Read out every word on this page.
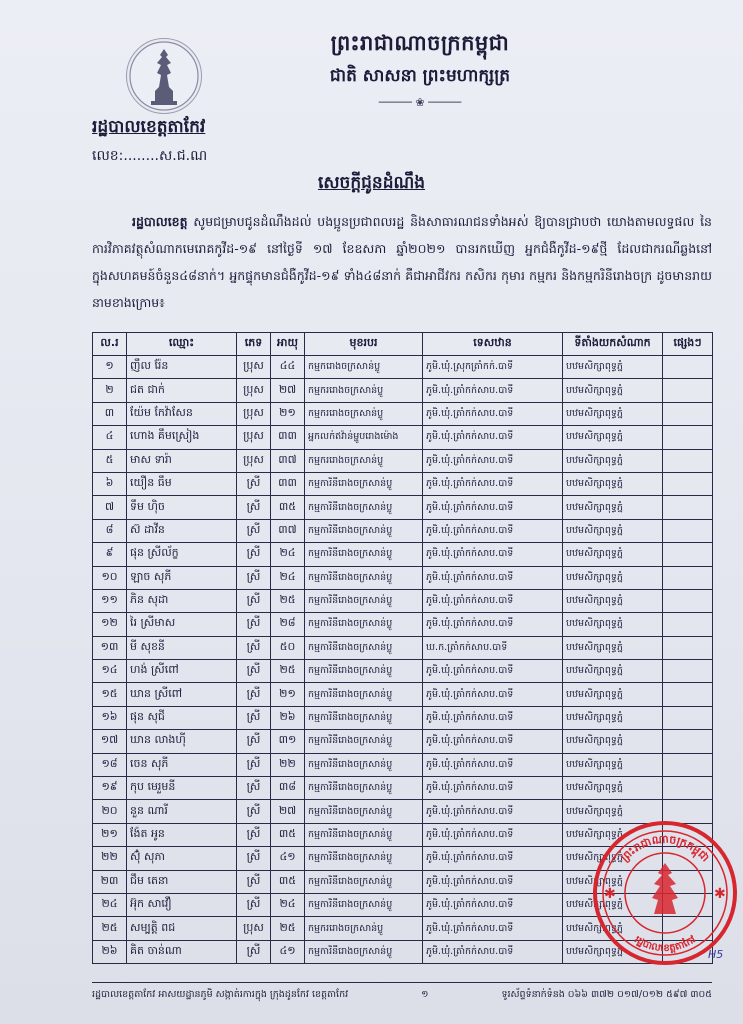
ព្រះរាជាណាចក្រកម្ពុជា
ជាតិ សាសនា ព្រះមហាក្សត្រ
───── ❀ ─────
រដ្ឋបាលខេត្តតាកែវ
លេខ:........ស.ជ.ណ
សេចក្តីជូនដំណឹង
រដ្ឋបាលខេត្ត សូមជម្រាបជូនដំណឹងដល់ បងប្អូនប្រជាពលរដ្ឋ និងសាធារណជនទាំងអស់ ឱ្យបានជ្រាបថា យោងតាមលទ្ធផល នៃការវិភាគវត្ថុសំណាកមេរោគកូវីដ-១៩ នៅថ្ងៃទី ១៧ ខែឧសភា ឆ្នាំ២០២១ បានរកឃើញ អ្នកជំងឺកូវីដ-១៩ថ្មី ដែលជាករណីឆ្លងនៅក្នុងសហគមន៍ចំនួន៤៨នាក់។ អ្នកផ្ទុកមានជំងឺកូវីដ-១៩ ទាំង៤៨នាក់ គឺជាអាជីវករ កសិករ កុមារ កម្មករ និងកម្មករិនីរោងចក្រ ដូចមានរាយនាមខាងក្រោម៖
ល.រ	ឈ្មោះ	ភេទ	អាយុ	មុខរបរ	ទេសឋាន	ទីតាំងយកសំណាក	ផ្សេងៗ
១	ញឹល រ៉ែន	ប្រុស	៤៤	កម្មករោងចក្រសាន់ប្លូ	ភូមិ.ឃុំ.ស្រុកត្រាំកក់.បាទី	បឋមសិក្សាពុទ្ធភ្នំ	
២	ជត ជាក់	ប្រុស	២៧	កម្មកររោងចក្រសាន់ប្លូ	ភូមិ.ឃុំ.ត្រាំកក់សាប.បាទី	បឋមសិក្សាពុទ្ធភ្នំ	
៣	យ៉ែម កែវ៉ាសែន	ប្រុស	២១	កម្មកររោងចក្រសាន់ប្លូ	ភូមិ.ឃុំ.ត្រាំកក់សាប.បាទី	បឋមសិក្សាពុទ្ធភ្នំ	
៤	ហោង គឹមស្រៀង	ប្រុស	៣៣	អ្នកលក់ឥវ៉ាន់ម្ហូបរោងម៉ោង	ភូមិ.ឃុំ.ត្រាំកក់សាប.បាទី	បឋមសិក្សាពុទ្ធភ្នំ	
៥	មាស ទារ៉ា	ប្រុស	៣៧	កម្មកររោងចក្រសាន់ប្លូ	ភូមិ.ឃុំ.ត្រាំកក់សាប.បាទី	បឋមសិក្សាពុទ្ធភ្នំ	
៦	យឿន ធឹម	ស្រី	៣៣	កម្មការិនីរោងចក្រសាន់ប្លូ	ភូមិ.ឃុំ.ត្រាំកក់សាប.បាទី	បឋមសិក្សាពុទ្ធភ្នំ	
៧	ទឹម ហុិច	ស្រី	៣៥	កម្មការិនីរោងចក្រសាន់ប្លូ	ភូមិ.ឃុំ.ត្រាំកក់សាប.បាទី	បឋមសិក្សាពុទ្ធភ្នំ	
៨	ស៊ ដាវីន	ស្រី	៣៧	កម្មការិនីរោងចក្រសាន់ប្លូ	ភូមិ.ឃុំ.ត្រាំកក់សាប.បាទី	បឋមសិក្សាពុទ្ធភ្នំ	
៩	ផុន ស្រីល័ក្ខ	ស្រី	២៤	កម្មការិនីរោងចក្រសាន់ប្លូ	ភូមិ.ឃុំ.ត្រាំកក់សាប.បាទី	បឋមសិក្សាពុទ្ធភ្នំ	
១០	ឡាច សុភី	ស្រី	២៤	កម្មការិនីរោងចក្រសាន់ប្លូ	ភូមិ.ឃុំ.ត្រាំកក់សាប.បាទី	បឋមសិក្សាពុទ្ធភ្នំ	
១១	ភិន សុដា	ស្រី	២៥	កម្មការិនីរោងចក្រសាន់ប្លូ	ភូមិ.ឃុំ.ត្រាំកក់សាប.បាទី	បឋមសិក្សាពុទ្ធភ្នំ	
១២	រៃ ស្រីមាស	ស្រី	២៨	កម្មការិនីរោងចក្រសាន់ប្លូ	ភូមិ.ឃុំ.ត្រាំកក់សាប.បាទី	បឋមសិក្សាពុទ្ធភ្នំ	
១៣	មី សុខនី	ស្រី	៥០	កម្មការិនីរោងចក្រសាន់ប្លូ	ឃ.ក.ត្រាំកក់សាប.បាទី	បឋមសិក្សាពុទ្ធភ្នំ	
១៤	ហង់ ស្រីពៅ	ស្រី	២៥	កម្មការិនីរោងចក្រសាន់ប្លូ	ភូមិ.ឃុំ.ត្រាំកក់សាប.បាទី	បឋមសិក្សាពុទ្ធភ្នំ	
១៥	ឃាន ស្រីពៅ	ស្រី	២១	កម្មការិនីរោងចក្រសាន់ប្លូ	ភូមិ.ឃុំ.ត្រាំកក់សាប.បាទី	បឋមសិក្សាពុទ្ធភ្នំ	
១៦	ផុន សុជី	ស្រី	២៦	កម្មការិនីរោងចក្រសាន់ប្លូ	ភូមិ.ឃុំ.ត្រាំកក់សាប.បាទី	បឋមសិក្សាពុទ្ធភ្នំ	
១៧	ឃាន លាងហ៊ី	ស្រី	៣១	កម្មការិនីរោងចក្រសាន់ប្លូ	ភូមិ.ឃុំ.ត្រាំកក់សាប.បាទី	បឋមសិក្សាពុទ្ធភ្នំ	
១៨	ចេន សុភី	ស្រី	២២	កម្មការិនីរោងចក្រសាន់ប្លូ	ភូមិ.ឃុំ.ត្រាំកក់សាប.បាទី	បឋមសិក្សាពុទ្ធភ្នំ	
១៩	កុប មេរួមនី	ស្រី	៣៨	កម្មការិនីរោងចក្រសាន់ប្លូ	ភូមិ.ឃុំ.ត្រាំកក់សាប.បាទី	បឋមសិក្សាពុទ្ធភ្នំ	
២០	នួន ណារី	ស្រី	២៧	កម្មការិនីរោងចក្រសាន់ប្លូ	ភូមិ.ឃុំ.ត្រាំកក់សាប.បាទី	បឋមសិក្សាពុទ្ធភ្នំ	
២១	ង៉ែត អូន	ស្រី	៣៥	កម្មការិនីរោងចក្រសាន់ប្លូ	ភូមិ.ឃុំ.ត្រាំកក់សាប.បាទី	បឋមសិក្សាពុទ្ធភ្នំ	
២២	ស៊ុំ សុភា	ស្រី	៤១	កម្មការិនីរោងចក្រសាន់ប្លូ	ភូមិ.ឃុំ.ត្រាំកក់សាប.បាទី	បឋមសិក្សាពុទ្ធភ្នំ	
២៣	ជឹម តេនា	ស្រី	៣៥	កម្មការិនីរោងចក្រសាន់ប្លូ	ភូមិ.ឃុំ.ត្រាំកក់សាប.បាទី	បឋមសិក្សាពុទ្ធភ្នំ	
២៤	អ៊ុក សាវឿ	ស្រី	២៤	កម្មការិនីរោងចក្រសាន់ប្លូ	ភូមិ.ឃុំ.ត្រាំកក់សាប.បាទី	បឋមសិក្សាពុទ្ធភ្នំ	
២៥	សម្បត្តិ ពជ	ប្រុស	២៥	កម្មកររោងចក្រសាន់ប្លូ	ភូមិ.ឃុំ.ត្រាំកក់សាប.បាទី	បឋមសិក្សាពុទ្ធភ្នំ	
២៦	គិត ចាន់ណា	ស្រី	៤១	កម្មការិនីរោងចក្រសាន់ប្លូ	ភូមិ.ឃុំ.ត្រាំកក់សាប.បាទី	បឋមសិក្សាពុទ្ធភ្នំ	
ព្រះរាជាណាចក្រកម្ពុជា
រដ្ឋបាលខេត្តតាកែវ
✱	✱
H5
រដ្ឋបាលខេត្តតាកែវ អាសយដ្ឋានភូមិ សង្កាត់រការក្នុង ក្រុងដូនកែវ ខេត្តតាកែវ	១	ទូរស័ព្ទទំនាក់ទំនង ០៦៦ ៣៧២ ០១៧/០១២ ៥៩៧ ៣០៥
